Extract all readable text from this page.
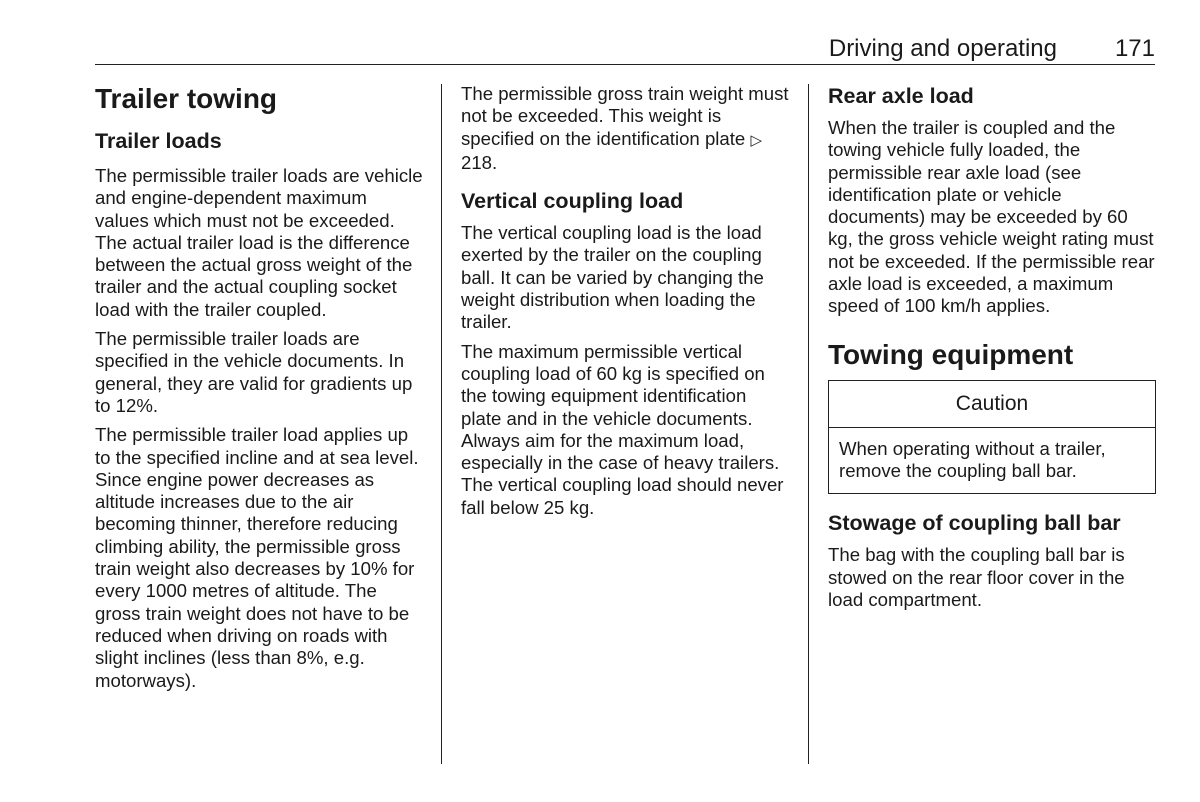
Driving and operating 171
Trailer towing
Trailer loads

The permissible trailer loads are vehicle and engine-dependent maximum values which must not be exceeded. The actual trailer load is the difference between the actual gross weight of the trailer and the actual coupling socket load with the trailer coupled.

The permissible trailer loads are specified in the vehicle documents. In general, they are valid for gradients up to 12%.

The permissible trailer load applies up to the specified incline and at sea level. Since engine power decreases as altitude increases due to the air becoming thinner, therefore reducing climbing ability, the permissible gross train weight also decreases by 10% for every 1000 metres of altitude. The gross train weight does not have to be reduced when driving on roads with slight inclines (less than 8%, e.g. motorways).

The permissible gross train weight must not be exceeded. This weight is specified on the identification plate ▷218.

Vertical coupling load

The vertical coupling load is the load exerted by the trailer on the coupling ball. It can be varied by changing the weight distribution when loading the trailer.

The maximum permissible vertical coupling load of 60 kg is specified on the towing equipment identification plate and in the vehicle documents. Always aim for the maximum load, especially in the case of heavy trailers. The vertical coupling load should never fall below 25 kg.

Rear axle load

When the trailer is coupled and the towing vehicle fully loaded, the permissible rear axle load (see identification plate or vehicle documents) may be exceeded by 60 kg, the gross vehicle weight rating must not be exceeded. If the permissible rear axle load is exceeded, a maximum speed of 100 km/h applies.

Towing equipment
Caution
When operating without a trailer, remove the coupling ball bar.
Stowage of coupling ball bar

The bag with the coupling ball bar is stowed on the rear floor cover in the load compartment.
